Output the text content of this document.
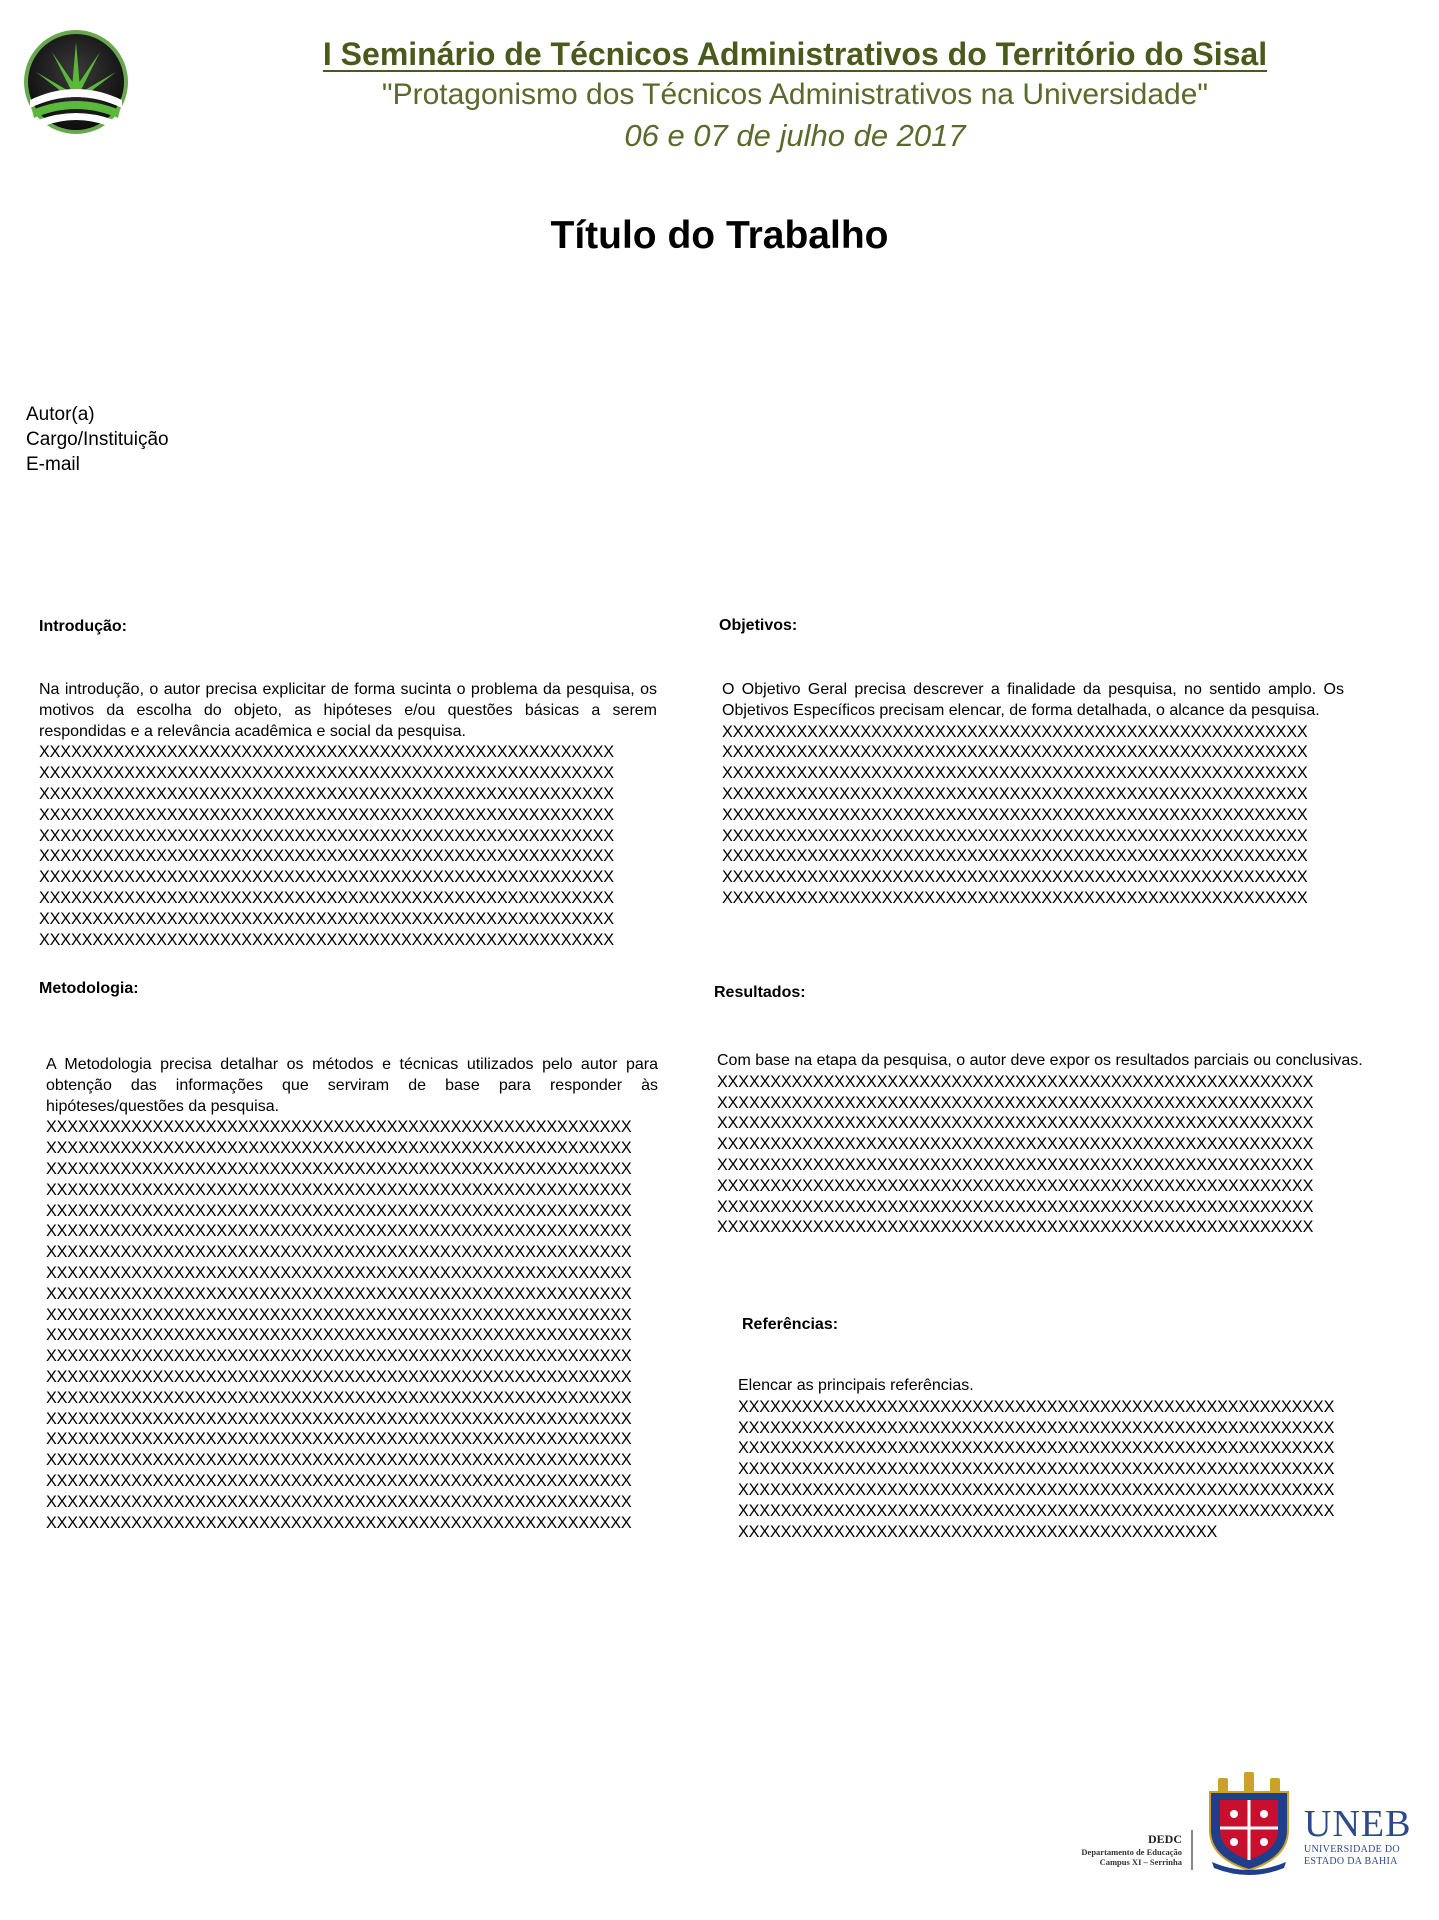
I Seminário de Técnicos Administrativos do Território do Sisal
"Protagonismo dos Técnicos Administrativos na Universidade"
06 e 07 de julho de 2017
Título do Trabalho
Autor(a)
Cargo/Instituição
E-mail
Introdução:

Na introdução, o autor precisa explicitar de forma sucinta o problema da pesquisa, os motivos da escolha do objeto, as hipóteses e/ou questões básicas a serem respondidas e a relevância acadêmica e social da pesquisa.

XXXXXXXXXXXXXXXXXXXXXXXXXXXXXXXXXXXXXXXXXXXXXXXXXXXXXX
XXXXXXXXXXXXXXXXXXXXXXXXXXXXXXXXXXXXXXXXXXXXXXXXXXXXXX
XXXXXXXXXXXXXXXXXXXXXXXXXXXXXXXXXXXXXXXXXXXXXXXXXXXXXX
XXXXXXXXXXXXXXXXXXXXXXXXXXXXXXXXXXXXXXXXXXXXXXXXXXXXXX
XXXXXXXXXXXXXXXXXXXXXXXXXXXXXXXXXXXXXXXXXXXXXXXXXXXXXX
XXXXXXXXXXXXXXXXXXXXXXXXXXXXXXXXXXXXXXXXXXXXXXXXXXXXXX
XXXXXXXXXXXXXXXXXXXXXXXXXXXXXXXXXXXXXXXXXXXXXXXXXXXXXX
XXXXXXXXXXXXXXXXXXXXXXXXXXXXXXXXXXXXXXXXXXXXXXXXXXXXXX
XXXXXXXXXXXXXXXXXXXXXXXXXXXXXXXXXXXXXXXXXXXXXXXXXXXXXX
XXXXXXXXXXXXXXXXXXXXXXXXXXXXXXXXXXXXXXXXXXXXXXXXXXXXXX
Objetivos:

O Objetivo Geral precisa descrever a finalidade da pesquisa, no sentido amplo. Os Objetivos Específicos precisam elencar, de forma detalhada, o alcance da pesquisa.

XXXXXXXXXXXXXXXXXXXXXXXXXXXXXXXXXXXXXXXXXXXXXXXXXXXXXXX
XXXXXXXXXXXXXXXXXXXXXXXXXXXXXXXXXXXXXXXXXXXXXXXXXXXXXXX
XXXXXXXXXXXXXXXXXXXXXXXXXXXXXXXXXXXXXXXXXXXXXXXXXXXXXXX
XXXXXXXXXXXXXXXXXXXXXXXXXXXXXXXXXXXXXXXXXXXXXXXXXXXXXXX
XXXXXXXXXXXXXXXXXXXXXXXXXXXXXXXXXXXXXXXXXXXXXXXXXXXXXXX
XXXXXXXXXXXXXXXXXXXXXXXXXXXXXXXXXXXXXXXXXXXXXXXXXXXXXXX
XXXXXXXXXXXXXXXXXXXXXXXXXXXXXXXXXXXXXXXXXXXXXXXXXXXXXXX
XXXXXXXXXXXXXXXXXXXXXXXXXXXXXXXXXXXXXXXXXXXXXXXXXXXXXXX
XXXXXXXXXXXXXXXXXXXXXXXXXXXXXXXXXXXXXXXXXXXXXXXXXXXXXXX
Metodologia:

A Metodologia precisa detalhar os métodos e técnicas utilizados pelo autor para obtenção das informações que serviram de base para responder às hipóteses/questões da pesquisa.

XXXXXXXXXXXXXXXXXXXXXXXXXXXXXXXXXXXXXXXXXXXXXXXXXXXXXXX
XXXXXXXXXXXXXXXXXXXXXXXXXXXXXXXXXXXXXXXXXXXXXXXXXXXXXXX
XXXXXXXXXXXXXXXXXXXXXXXXXXXXXXXXXXXXXXXXXXXXXXXXXXXXXXX
XXXXXXXXXXXXXXXXXXXXXXXXXXXXXXXXXXXXXXXXXXXXXXXXXXXXXXX
XXXXXXXXXXXXXXXXXXXXXXXXXXXXXXXXXXXXXXXXXXXXXXXXXXXXXXX
XXXXXXXXXXXXXXXXXXXXXXXXXXXXXXXXXXXXXXXXXXXXXXXXXXXXXXX
XXXXXXXXXXXXXXXXXXXXXXXXXXXXXXXXXXXXXXXXXXXXXXXXXXXXXXX
XXXXXXXXXXXXXXXXXXXXXXXXXXXXXXXXXXXXXXXXXXXXXXXXXXXXXXX
XXXXXXXXXXXXXXXXXXXXXXXXXXXXXXXXXXXXXXXXXXXXXXXXXXXXXXX
XXXXXXXXXXXXXXXXXXXXXXXXXXXXXXXXXXXXXXXXXXXXXXXXXXXXXXX
XXXXXXXXXXXXXXXXXXXXXXXXXXXXXXXXXXXXXXXXXXXXXXXXXXXXXXX
XXXXXXXXXXXXXXXXXXXXXXXXXXXXXXXXXXXXXXXXXXXXXXXXXXXXXXX
XXXXXXXXXXXXXXXXXXXXXXXXXXXXXXXXXXXXXXXXXXXXXXXXXXXXXXX
XXXXXXXXXXXXXXXXXXXXXXXXXXXXXXXXXXXXXXXXXXXXXXXXXXXXXXX
XXXXXXXXXXXXXXXXXXXXXXXXXXXXXXXXXXXXXXXXXXXXXXXXXXXXXXX
XXXXXXXXXXXXXXXXXXXXXXXXXXXXXXXXXXXXXXXXXXXXXXXXXXXXXXX
XXXXXXXXXXXXXXXXXXXXXXXXXXXXXXXXXXXXXXXXXXXXXXXXXXXXXXX
XXXXXXXXXXXXXXXXXXXXXXXXXXXXXXXXXXXXXXXXXXXXXXXXXXXXXXX
XXXXXXXXXXXXXXXXXXXXXXXXXXXXXXXXXXXXXXXXXXXXXXXXXXXXXXX
XXXXXXXXXXXXXXXXXXXXXXXXXXXXXXXXXXXXXXXXXXXXXXXXXXXXXXX
Resultados:

Com base na etapa da pesquisa, o autor deve expor os resultados parciais ou conclusivas.

XXXXXXXXXXXXXXXXXXXXXXXXXXXXXXXXXXXXXXXXXXXXXXXXXXXXXXXX
XXXXXXXXXXXXXXXXXXXXXXXXXXXXXXXXXXXXXXXXXXXXXXXXXXXXXXXX
XXXXXXXXXXXXXXXXXXXXXXXXXXXXXXXXXXXXXXXXXXXXXXXXXXXXXXXX
XXXXXXXXXXXXXXXXXXXXXXXXXXXXXXXXXXXXXXXXXXXXXXXXXXXXXXXX
XXXXXXXXXXXXXXXXXXXXXXXXXXXXXXXXXXXXXXXXXXXXXXXXXXXXXXXX
XXXXXXXXXXXXXXXXXXXXXXXXXXXXXXXXXXXXXXXXXXXXXXXXXXXXXXXX
XXXXXXXXXXXXXXXXXXXXXXXXXXXXXXXXXXXXXXXXXXXXXXXXXXXXXXXX
XXXXXXXXXXXXXXXXXXXXXXXXXXXXXXXXXXXXXXXXXXXXXXXXXXXXXXXX
Referências:

Elencar as principais referências.

XXXXXXXXXXXXXXXXXXXXXXXXXXXXXXXXXXXXXXXXXXXXXXXXXXXXXXXX
XXXXXXXXXXXXXXXXXXXXXXXXXXXXXXXXXXXXXXXXXXXXXXXXXXXXXXXX
XXXXXXXXXXXXXXXXXXXXXXXXXXXXXXXXXXXXXXXXXXXXXXXXXXXXXXXX
XXXXXXXXXXXXXXXXXXXXXXXXXXXXXXXXXXXXXXXXXXXXXXXXXXXXXXXX
XXXXXXXXXXXXXXXXXXXXXXXXXXXXXXXXXXXXXXXXXXXXXXXXXXXXXXXX
XXXXXXXXXXXXXXXXXXXXXXXXXXXXXXXXXXXXXXXXXXXXXXXXXXXXXXXX
XXXXXXXXXXXXXXXXXXXXXXXXXXXXXXXXXXXXXXXXXXXXX
DEDC
Departamento de Educação
Campus XI – Serrinha
UNEB
UNIVERSIDADE DO
ESTADO DA BAHIA
